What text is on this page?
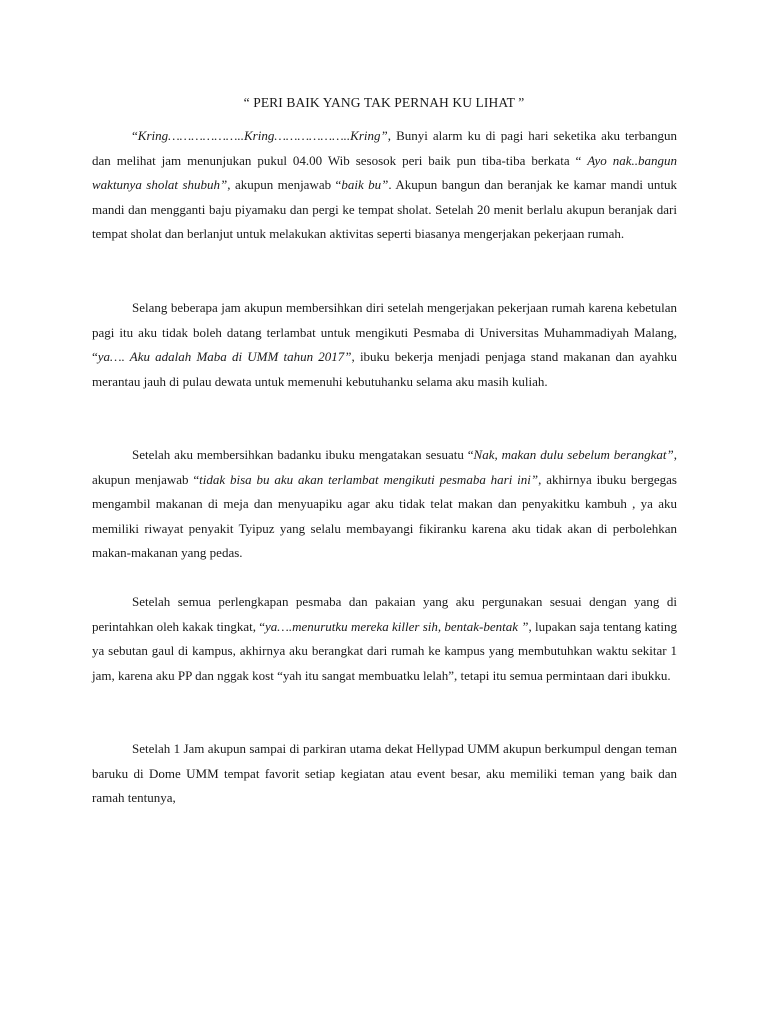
“ PERI BAIK YANG TAK PERNAH KU LIHAT ”

“Kring………………..Kring………………..Kring”, Bunyi alarm ku di pagi hari seketika aku terbangun dan melihat jam menunjukan pukul 04.00 Wib sesosok peri baik pun tiba-tiba berkata “ Ayo nak..bangun waktunya sholat shubuh”, akupun menjawab “baik bu”. Akupun bangun dan beranjak ke kamar mandi untuk mandi dan mengganti baju piyamaku dan pergi ke tempat sholat. Setelah 20 menit berlalu akupun beranjak dari tempat sholat dan berlanjut untuk melakukan aktivitas seperti biasanya mengerjakan pekerjaan rumah.

Selang beberapa jam akupun membersihkan diri setelah mengerjakan pekerjaan rumah karena kebetulan pagi itu aku tidak boleh datang terlambat untuk mengikuti Pesmaba di Universitas Muhammadiyah Malang, “ya…. Aku adalah Maba di UMM tahun 2017”, ibuku bekerja menjadi penjaga stand makanan dan ayahku merantau jauh di pulau dewata untuk memenuhi kebutuhanku selama aku masih kuliah.

Setelah aku membersihkan badanku ibuku mengatakan sesuatu “Nak, makan dulu sebelum berangkat”, akupun menjawab “tidak bisa bu aku akan terlambat mengikuti pesmaba hari ini”, akhirnya ibuku bergegas mengambil makanan di meja dan menyuapiku agar aku tidak telat makan dan penyakitku kambuh , ya aku memiliki riwayat penyakit Tyipuz yang selalu membayangi fikiranku karena aku tidak akan di perbolehkan makan-makanan yang pedas.

Setelah semua perlengkapan pesmaba dan pakaian yang aku pergunakan sesuai dengan yang di perintahkan oleh kakak tingkat, “ya….menurutku mereka killer sih, bentak-bentak ”, lupakan saja tentang kating ya sebutan gaul di kampus, akhirnya aku berangkat dari rumah ke kampus yang membutuhkan waktu sekitar 1 jam, karena aku PP dan nggak kost “yah itu sangat membuatku lelah”, tetapi itu semua permintaan dari ibukku.

Setelah 1 Jam akupun sampai di parkiran utama dekat Hellypad UMM akupun berkumpul dengan teman baruku di Dome UMM tempat favorit setiap kegiatan atau event besar, aku memiliki teman yang baik dan ramah tentunya,
